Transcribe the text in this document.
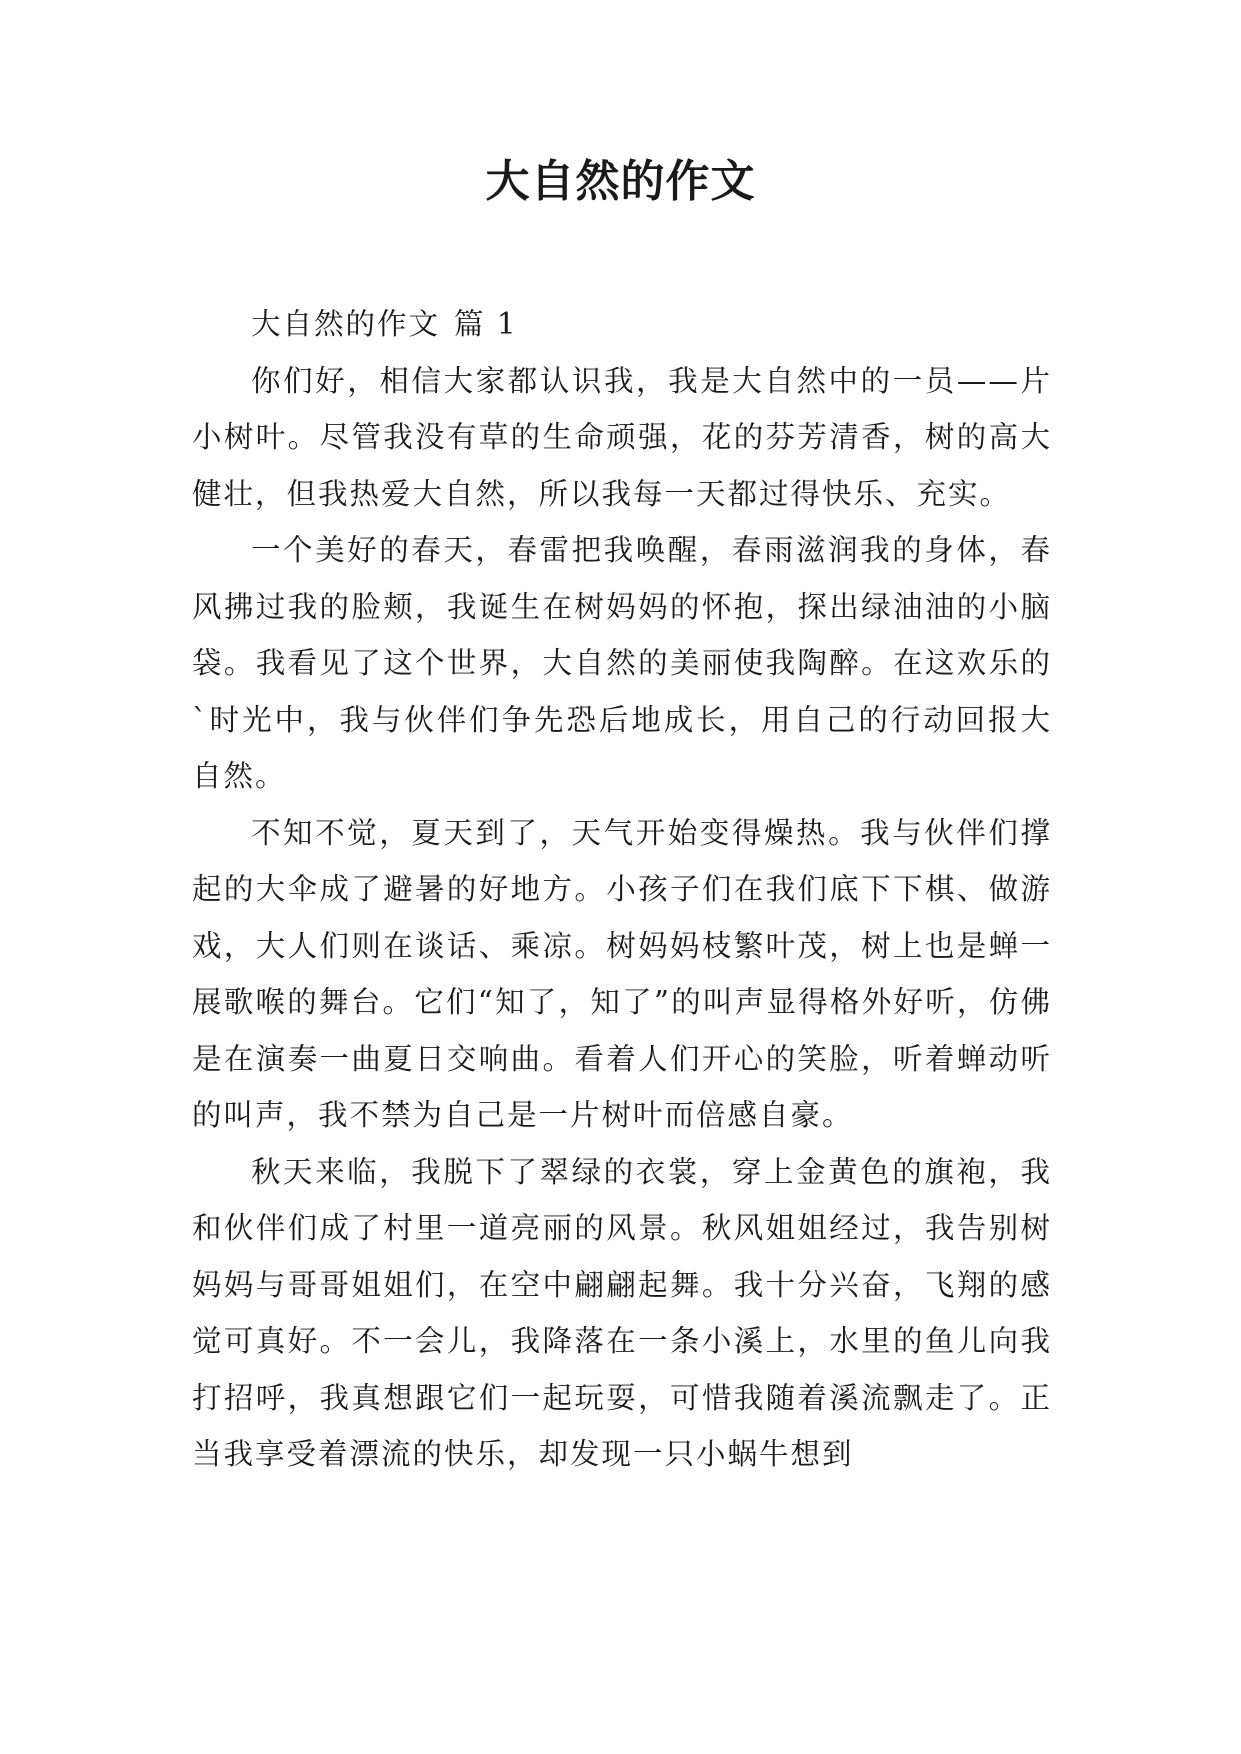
大自然的作文

大自然的作文 篇 1

你们好，相信大家都认识我，我是大自然中的一员——片小树叶。尽管我没有草的生命顽强，花的芬芳清香，树的高大健壮，但我热爱大自然，所以我每一天都过得快乐、充实。

一个美好的春天，春雷把我唤醒，春雨滋润我的身体，春风拂过我的脸颊，我诞生在树妈妈的怀抱，探出绿油油的小脑袋。我看见了这个世界，大自然的美丽使我陶醉。在这欢乐的`时光中，我与伙伴们争先恐后地成长，用自己的行动回报大自然。

不知不觉，夏天到了，天气开始变得燥热。我与伙伴们撑起的大伞成了避暑的好地方。小孩子们在我们底下下棋、做游戏，大人们则在谈话、乘凉。树妈妈枝繁叶茂，树上也是蝉一展歌喉的舞台。它们“知了，知了”的叫声显得格外好听，仿佛是在演奏一曲夏日交响曲。看着人们开心的笑脸，听着蝉动听的叫声，我不禁为自己是一片树叶而倍感自豪。

秋天来临，我脱下了翠绿的衣裳，穿上金黄色的旗袍，我和伙伴们成了村里一道亮丽的风景。秋风姐姐经过，我告别树妈妈与哥哥姐姐们，在空中翩翩起舞。我十分兴奋，飞翔的感觉可真好。不一会儿，我降落在一条小溪上，水里的鱼儿向我打招呼，我真想跟它们一起玩耍，可惜我随着溪流飘走了。正当我享受着漂流的快乐，却发现一只小蜗牛想到
